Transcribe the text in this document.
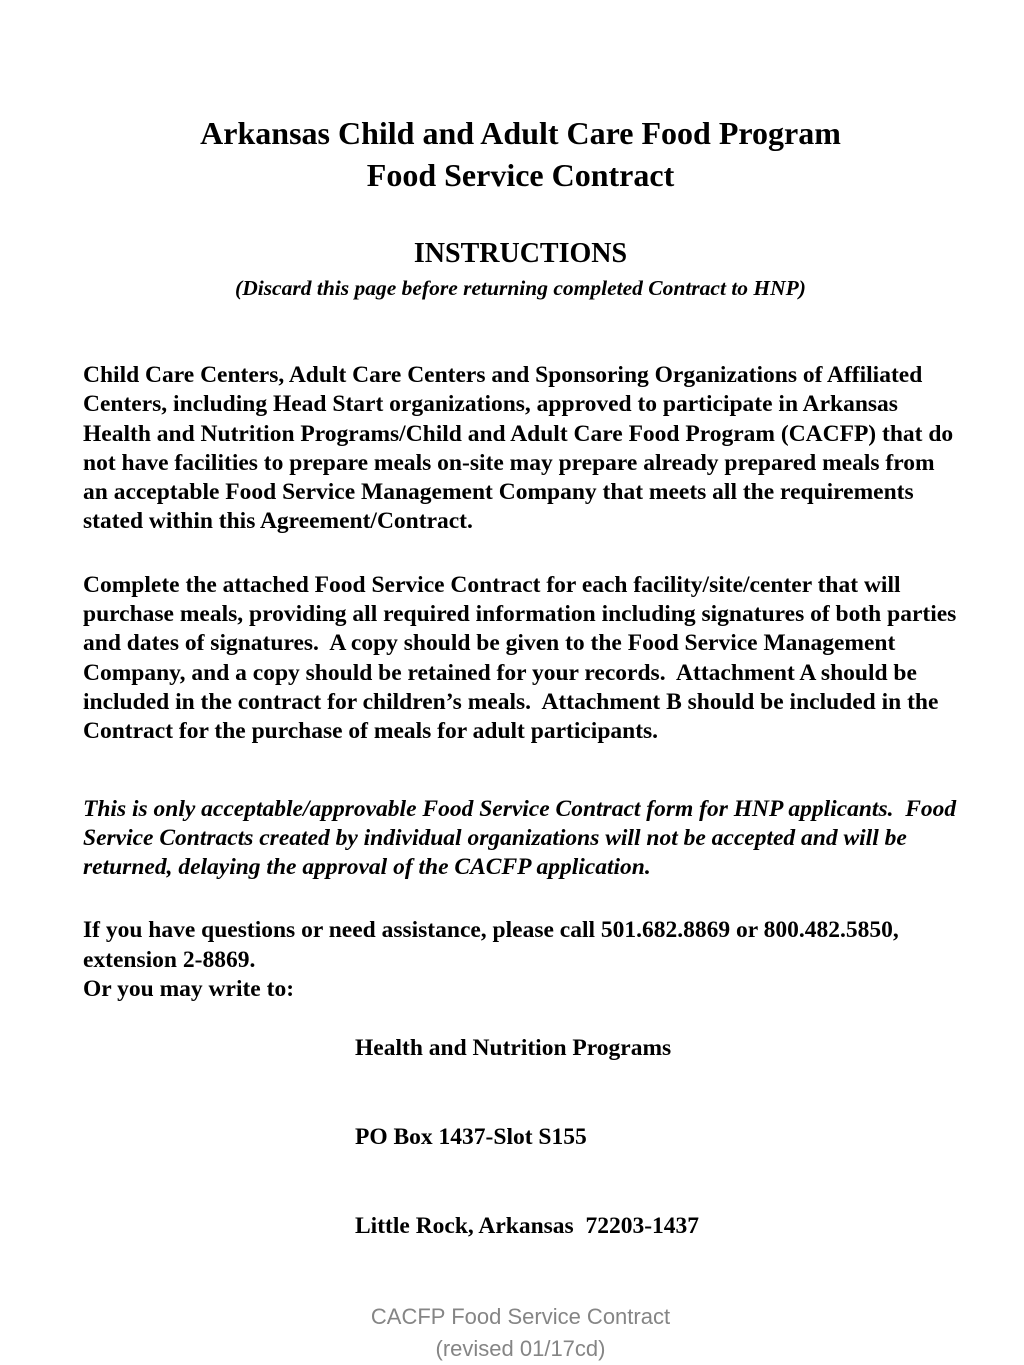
Arkansas Child and Adult Care Food Program
Food Service Contract
INSTRUCTIONS
(Discard this page before returning completed Contract to HNP)
Child Care Centers, Adult Care Centers and Sponsoring Organizations of Affiliated Centers, including Head Start organizations, approved to participate in Arkansas Health and Nutrition Programs/Child and Adult Care Food Program (CACFP) that do not have facilities to prepare meals on-site may prepare already prepared meals from an acceptable Food Service Management Company that meets all the requirements stated within this Agreement/Contract.
Complete the attached Food Service Contract for each facility/site/center that will purchase meals, providing all required information including signatures of both parties and dates of signatures.  A copy should be given to the Food Service Management Company, and a copy should be retained for your records.  Attachment A should be included in the contract for children’s meals.  Attachment B should be included in the Contract for the purchase of meals for adult participants.
This is only acceptable/approvable Food Service Contract form for HNP applicants.  Food Service Contracts created by individual organizations will not be accepted and will be returned, delaying the approval of the CACFP application.
If you have questions or need assistance, please call 501.682.8869 or 800.482.5850, extension 2-8869.
Or you may write to:

Health and Nutrition Programs

PO Box 1437-Slot S155

Little Rock, Arkansas  72203-1437

CACFP Food Service Contract
(revised 01/17cd)
